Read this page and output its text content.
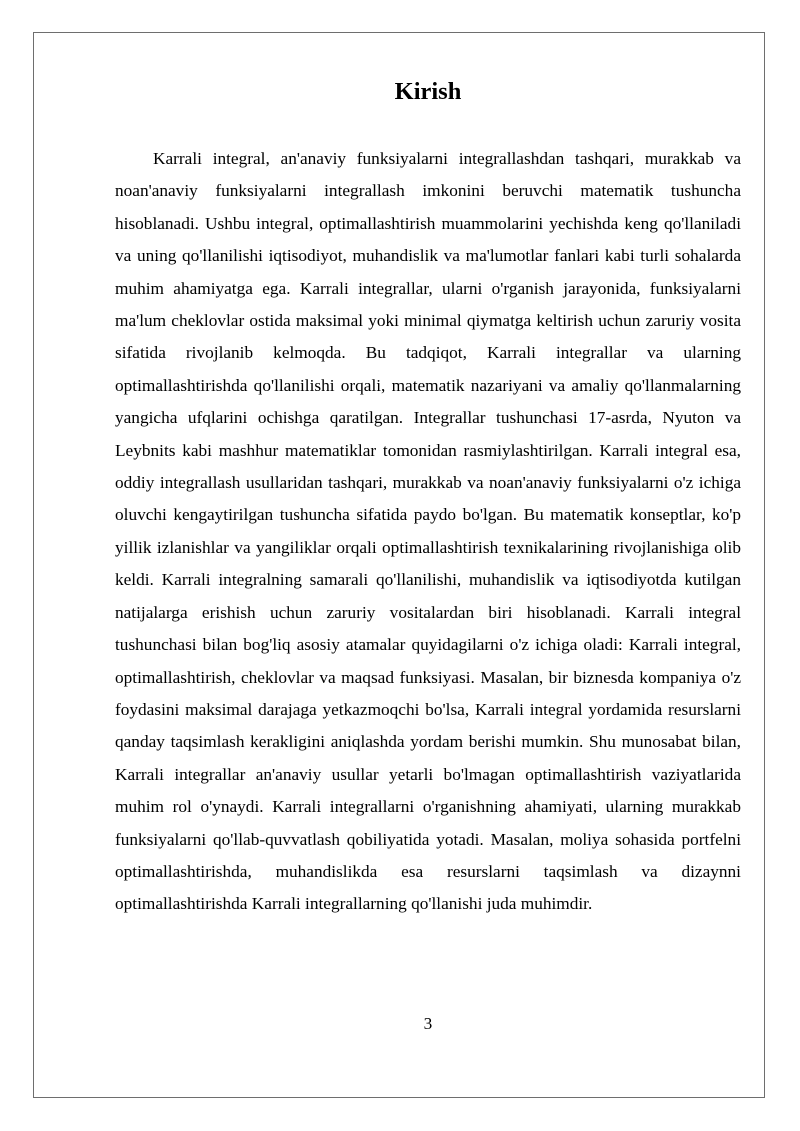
Kirish

Karrali integral, an'anaviy funksiyalarni integrallashdan tashqari, murakkab va noan'anaviy funksiyalarni integrallash imkonini beruvchi matematik tushuncha hisoblanadi. Ushbu integral, optimallashtirish muammolarini yechishda keng qo'llaniladi va uning qo'llanilishi iqtisodiyot, muhandislik va ma'lumotlar fanlari kabi turli sohalarda muhim ahamiyatga ega. Karrali integrallar, ularni o'rganish jarayonida, funksiyalarni ma'lum cheklovlar ostida maksimal yoki minimal qiymatga keltirish uchun zaruriy vosita sifatida rivojlanib kelmoqda. Bu tadqiqot, Karrali integrallar va ularning optimallashtirishda qo'llanilishi orqali, matematik nazariyani va amaliy qo'llanmalarning yangicha ufqlarini ochishga qaratilgan. Integrallar tushunchasi 17-asrda, Nyuton va Leybnits kabi mashhur matematiklar tomonidan rasmiylashtirilgan. Karrali integral esa, oddiy integrallash usullaridan tashqari, murakkab va noan'anaviy funksiyalarni o'z ichiga oluvchi kengaytirilgan tushuncha sifatida paydo bo'lgan. Bu matematik konseptlar, ko'p yillik izlanishlar va yangiliklar orqali optimallashtirish texnikalarining rivojlanishiga olib keldi. Karrali integralning samarali qo'llanilishi, muhandislik va iqtisodiyotda kutilgan natijalarga erishish uchun zaruriy vositalardan biri hisoblanadi. Karrali integral tushunchasi bilan bog'liq asosiy atamalar quyidagilarni o'z ichiga oladi: Karrali integral, optimallashtirish, cheklovlar va maqsad funksiyasi. Masalan, bir biznesda kompaniya o'z foydasini maksimal darajaga yetkazmoqchi bo'lsa, Karrali integral yordamida resurslarni qanday taqsimlash kerakligini aniqlashda yordam berishi mumkin. Shu munosabat bilan, Karrali integrallar an'anaviy usullar yetarli bo'lmagan optimallashtirish vaziyatlarida muhim rol o'ynaydi. Karrali integrallarni o'rganishning ahamiyati, ularning murakkab funksiyalarni qo'llab-quvvatlash qobiliyatida yotadi. Masalan, moliya sohasida portfelni optimallashtirishda, muhandislikda esa resurslarni taqsimlash va dizaynni optimallashtirishda Karrali integrallarning qo'llanishi juda muhimdir.

3
